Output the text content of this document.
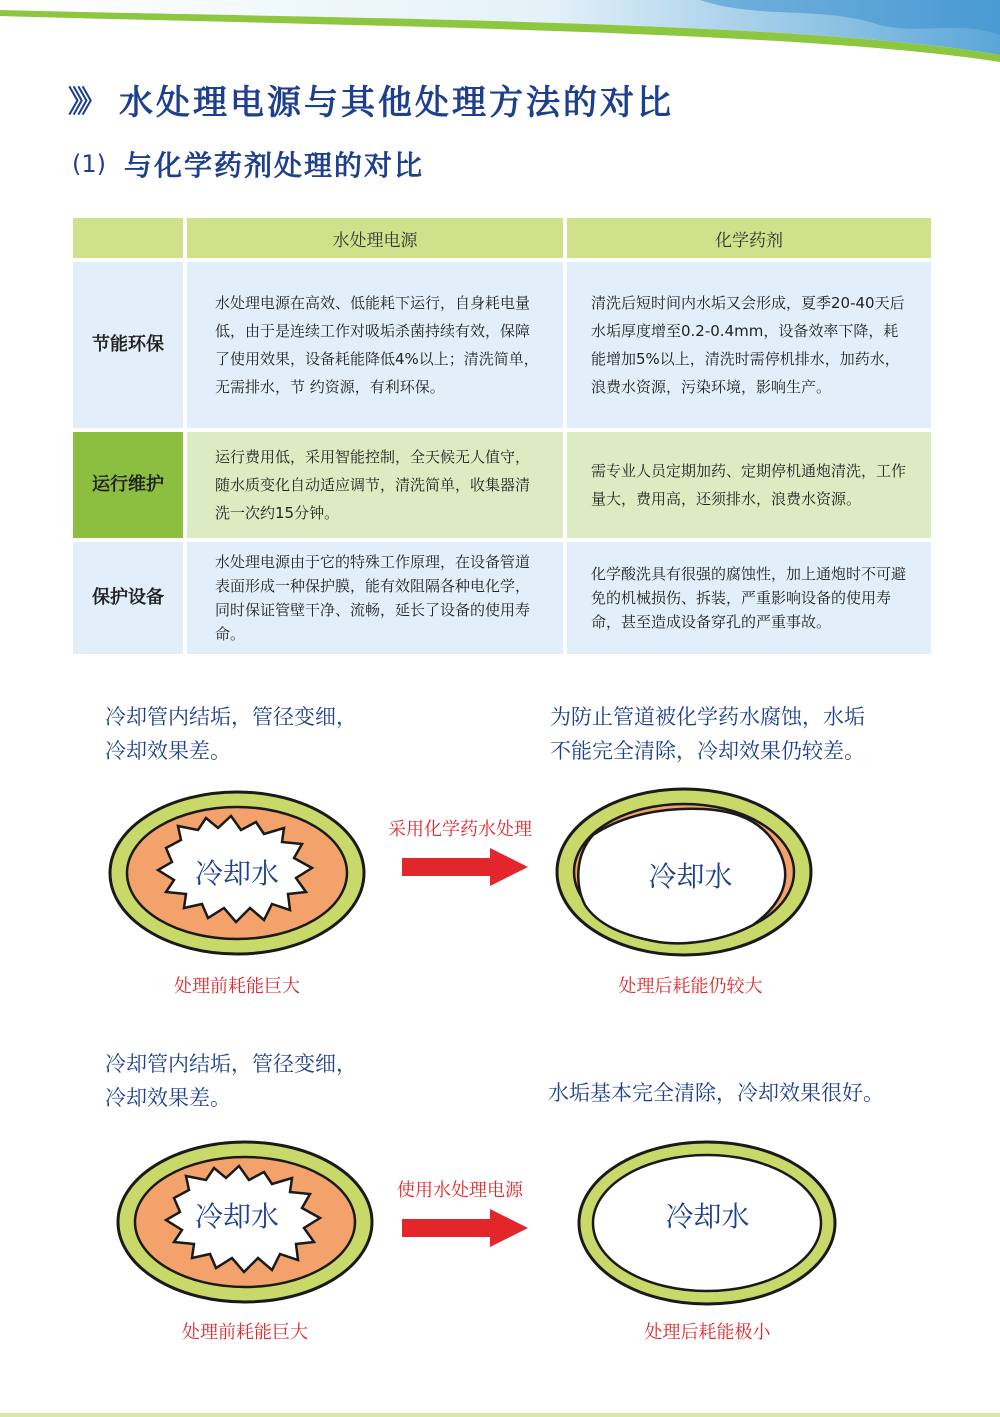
》》 水处理电源与其他处理方法的对比
(1) 与化学药剂处理的对比
	水处理电源	化学药剂
节能环保	水处理电源在高效、低能耗下运行，自身耗电量低，由于是连续工作对吸垢杀菌持续有效，保障了使用效果，设备耗能降低4%以上；清洗简单，无需排水，节 约资源，有利环保。	清洗后短时间内水垢又会形成，夏季20-40天后水垢厚度增至0.2-0.4mm，设备效率下降，耗能增加5%以上，清洗时需停机排水，加药水，浪费水资源，污染环境，影响生产。
运行维护	运行费用低，采用智能控制，全天候无人值守，随水质变化自动适应调节，清洗简单，收集器清洗一次约15分钟。	需专业人员定期加药、定期停机通炮清洗，工作量大，费用高，还须排水，浪费水资源。
保护设备	水处理电源由于它的特殊工作原理，在设备管道表面形成一种保护膜，能有效阻隔各种电化学，同时保证管壁干净、流畅，延长了设备的使用寿命。	化学酸洗具有很强的腐蚀性，加上通炮时不可避免的机械损伤、拆装，严重影响设备的使用寿命，甚至造成设备穿孔的严重事故。
冷却管内结垢，管径变细，
冷却效果差。
为防止管道被化学药水腐蚀，水垢
不能完全清除，冷却效果仍较差。
冷却水
采用化学药水处理
冷却水
处理前耗能巨大	处理后耗能仍较大
冷却管内结垢，管径变细，
冷却效果差。	水垢基本完全清除，冷却效果很好。
冷却水
使用水处理电源
冷却水
处理前耗能巨大	处理后耗能极小
